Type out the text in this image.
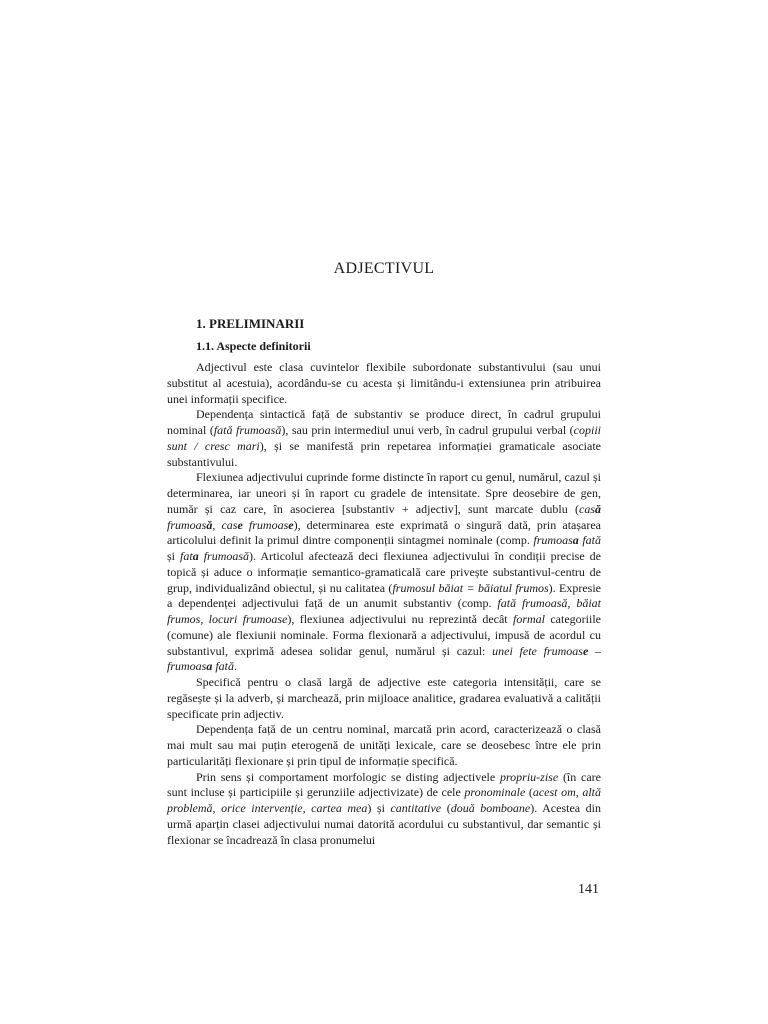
ADJECTIVUL
1. PRELIMINARII
1.1. Aspecte definitorii

Adjectivul este clasa cuvintelor flexibile subordonate substantivului (sau unui substitut al acestuia), acordându-se cu acesta și limitându-i extensiunea prin atribuirea unei informații specifice.

Dependența sintactică față de substantiv se produce direct, în cadrul grupului nominal (fată frumoasă), sau prin intermediul unui verb, în cadrul grupului verbal (copiii sunt / cresc mari), și se manifestă prin repetarea informației gramaticale asociate substantivului.

Flexiunea adjectivului cuprinde forme distincte în raport cu genul, numărul, cazul și determinarea, iar uneori și în raport cu gradele de intensitate. Spre deosebire de gen, număr și caz care, în asocierea [substantiv + adjectiv], sunt marcate dublu (casă frumoasă, case frumoase), determinarea este exprimată o singură dată, prin atașarea articolului definit la primul dintre componenții sintagmei nominale (comp. frumoasa fată și fata frumoasă). Articolul afectează deci flexiunea adjectivului în condiții precise de topică și aduce o informație semantico-gramaticală care privește substantivul-centru de grup, individualizând obiectul, și nu calitatea (frumosul băiat = băiatul frumos). Expresie a dependenței adjectivului față de un anumit substantiv (comp. fată frumoasă, băiat frumos, locuri frumoase), flexiunea adjectivului nu reprezintă decât formal categoriile (comune) ale flexiunii nominale. Forma flexionară a adjectivului, impusă de acordul cu substantivul, exprimă adesea solidar genul, numărul și cazul: unei fete frumoase – frumoasa fată.

Specifică pentru o clasă largă de adjective este categoria intensității, care se regăsește și la adverb, și marchează, prin mijloace analitice, gradarea evaluativă a calității specificate prin adjectiv.

Dependența față de un centru nominal, marcată prin acord, caracterizează o clasă mai mult sau mai puțin eterogenă de unități lexicale, care se deosebesc între ele prin particularități flexionare și prin tipul de informație specifică.

Prin sens și comportament morfologic se disting adjectivele propriu-zise (în care sunt incluse și participiile și gerunziile adjectivizate) de cele pronominale (acest om, altă problemă, orice intervenție, cartea mea) și cantitative (două bomboane). Acestea din urmă aparțin clasei adjectivului numai datorită acordului cu substantivul, dar semantic și flexionar se încadrează în clasa pronumelui

141
